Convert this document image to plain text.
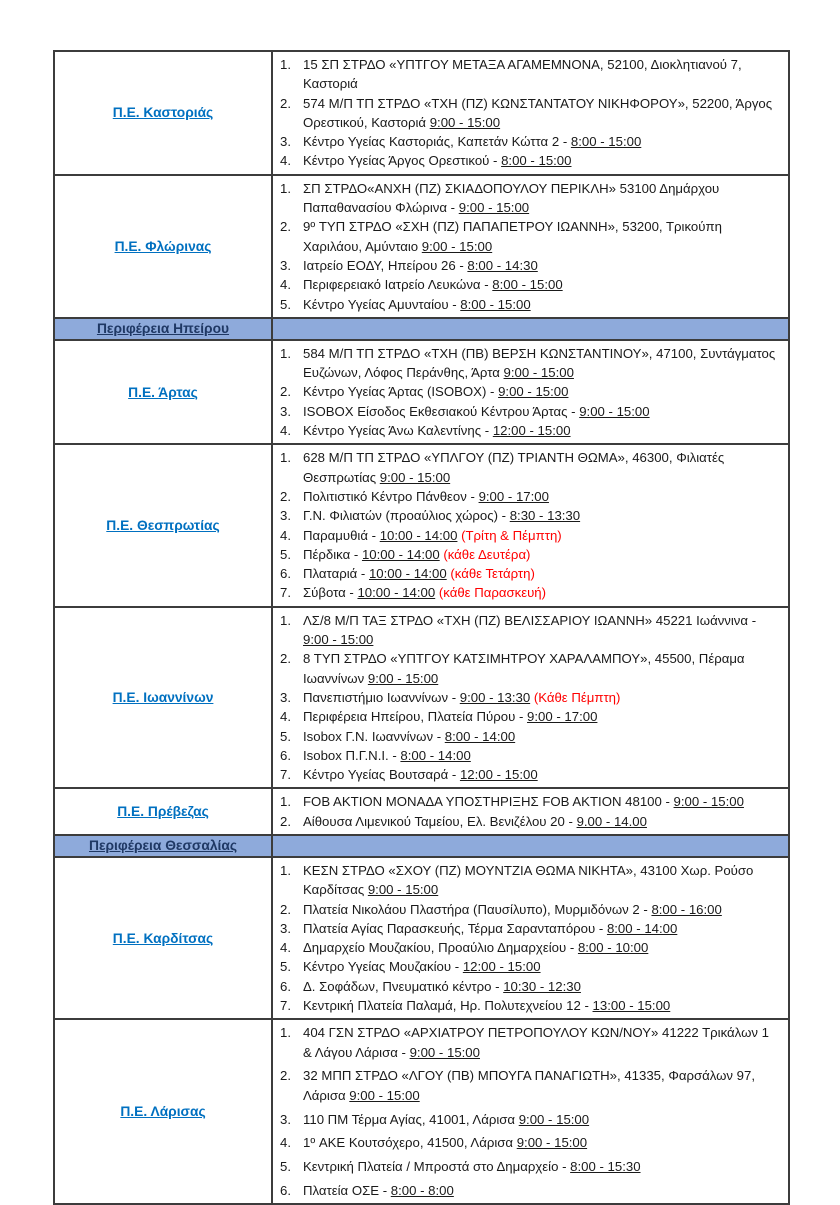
Π.Ε. Καστοριάς
1. 15 ΣΠ ΣΤΡΔΟ «ΥΠΤΓΟΥ ΜΕΤΑΞΑ ΑΓΑΜΕΜΝΟΝΑ, 52100, Διοκλητιανού 7, Καστοριά
2. 574 Μ/Π ΤΠ ΣΤΡΔΟ «ΤΧΗ (ΠΖ) ΚΩΝΣΤΑΝΤΑΤΟΥ ΝΙΚΗΦΟΡΟΥ», 52200, Άργος Ορεστικού, Καστοριά 9:00 - 15:00
3. Κέντρο Υγείας Καστοριάς, Καπετάν Κώττα 2 - 8:00 - 15:00
4. Κέντρο Υγείας Άργος Ορεστικού - 8:00 - 15:00
Π.Ε. Φλώρινας
1. ΣΠ ΣΤΡΔΟ«ΑΝΧΗ (ΠΖ) ΣΚΙΑΔΟΠΟΥΛΟΥ ΠΕΡΙΚΛΗ» 53100 Δημάρχου Παπαθανασίου Φλώρινα - 9:00 - 15:00
2. 9º ΤΥΠ ΣΤΡΔΟ «ΣΧΗ (ΠΖ) ΠΑΠΑΠΕΤΡΟΥ ΙΩΑΝΝΗ», 53200, Τρικούπη Χαριλάου, Αμύνταιο 9:00 - 15:00
3. Ιατρείο ΕΟΔΥ, Ηπείρου 26 - 8:00 - 14:30
4. Περιφερειακό Ιατρείο Λευκώνα - 8:00 - 15:00
5. Κέντρο Υγείας Αμυνταίου - 8:00 - 15:00
Περιφέρεια Ηπείρου
Π.Ε. Άρτας
1. 584 Μ/Π ΤΠ ΣΤΡΔΟ «ΤΧΗ (ΠΒ) ΒΕΡΣΗ ΚΩΝΣΤΑΝΤΙΝΟΥ», 47100, Συντάγματος Ευζώνων, Λόφος Περάνθης, Άρτα 9:00 - 15:00
2. Κέντρο Υγείας Άρτας (ISOBOX) - 9:00 - 15:00
3. ISOBOX Είσοδος Εκθεσιακού Κέντρου Άρτας - 9:00 - 15:00
4. Κέντρο Υγείας Άνω Καλεντίνης - 12:00 - 15:00
Π.Ε. Θεσπρωτίας
1. 628 Μ/Π ΤΠ ΣΤΡΔΟ «ΥΠΛΓΟΥ (ΠΖ) ΤΡΙΑΝΤΗ ΘΩΜΑ», 46300, Φιλιατές Θεσπρωτίας 9:00 - 15:00
2. Πολιτιστικό Κέντρο Πάνθεον - 9:00 - 17:00
3. Γ.Ν. Φιλιατών (προαύλιος χώρος) - 8:30 - 13:30
4. Παραμυθιά - 10:00 - 14:00 (Τρίτη & Πέμπτη)
5. Πέρδικα - 10:00 - 14:00 (κάθε Δευτέρα)
6. Πλαταριά - 10:00 - 14:00 (κάθε Τετάρτη)
7. Σύβοτα - 10:00 - 14:00 (κάθε Παρασκευή)
Π.Ε. Ιωαννίνων
1. ΛΣ/8 Μ/Π ΤΑΞ ΣΤΡΔΟ «ΤΧΗ (ΠΖ) ΒΕΛΙΣΣΑΡΙΟΥ ΙΩΑΝΝΗ» 45221 Ιωάννινα - 9:00 - 15:00
2. 8 ΤΥΠ ΣΤΡΔΟ «ΥΠΤΓΟΥ ΚΑΤΣΙΜΗΤΡΟΥ ΧΑΡΑΛΑΜΠΟΥ», 45500, Πέραμα Ιωαννίνων 9:00 - 15:00
3. Πανεπιστήμιο Ιωαννίνων - 9:00 - 13:30 (Κάθε Πέμπτη)
4. Περιφέρεια Ηπείρου, Πλατεία Πύρου - 9:00 - 17:00
5. Isobox Γ.Ν. Ιωαννίνων - 8:00 - 14:00
6. Isobox Π.Γ.Ν.Ι. - 8:00 - 14:00
7. Κέντρο Υγείας Βουτσαρά - 12:00 - 15:00
Π.Ε. Πρέβεζας
1. FOB AKTION ΜΟΝΑΔΑ ΥΠΟΣΤΗΡΙΞΗΣ FOB AKTION 48100 - 9:00 - 15:00
2. Αίθουσα Λιμενικού Ταμείου, Ελ. Βενιζέλου 20 - 9.00 - 14.00
Περιφέρεια Θεσσαλίας
Π.Ε. Καρδίτσας
1. ΚΕΣΝ ΣΤΡΔΟ «ΣΧΟΥ (ΠΖ) ΜΟΥΝΤΖΙΑ ΘΩΜΑ ΝΙΚΗΤΑ», 43100 Χωρ. Ρούσο Καρδίτσας 9:00 - 15:00
2. Πλατεία Νικολάου Πλαστήρα (Παυσίλυπο), Μυρμιδόνων 2 - 8:00 - 16:00
3. Πλατεία Αγίας Παρασκευής, Τέρμα Σαρανταπόρου - 8:00 - 14:00
4. Δημαρχείο Μουζακίου, Προαύλιο Δημαρχείου - 8:00 - 10:00
5. Κέντρο Υγείας Μουζακίου - 12:00 - 15:00
6. Δ. Σοφάδων, Πνευματικό κέντρο - 10:30 - 12:30
7. Κεντρική Πλατεία Παλαμά, Ηρ. Πολυτεχνείου 12 - 13:00 - 15:00
Π.Ε. Λάρισας
1. 404 ΓΣΝ ΣΤΡΔΟ «ΑΡΧΙΑΤΡΟΥ ΠΕΤΡΟΠΟΥΛΟΥ ΚΩΝ/ΝΟΥ» 41222 Τρικάλων 1 & Λάγου Λάρισα - 9:00 - 15:00
2. 32 ΜΠΠ ΣΤΡΔΟ «ΛΓΟΥ (ΠΒ) ΜΠΟΥΓΑ ΠΑΝΑΓΙΩΤΗ», 41335, Φαρσάλων 97, Λάρισα 9:00 - 15:00
3. 110 ΠΜ Τέρμα Αγίας, 41001, Λάρισα 9:00 - 15:00
4. 1º ΑΚΕ Κουτσόχερο, 41500, Λάρισα 9:00 - 15:00
5. Κεντρική Πλατεία / Μπροστά στο Δημαρχείο - 8:00 - 15:30
6. Πλατεία ΟΣΕ - 8:00 - 8:00
